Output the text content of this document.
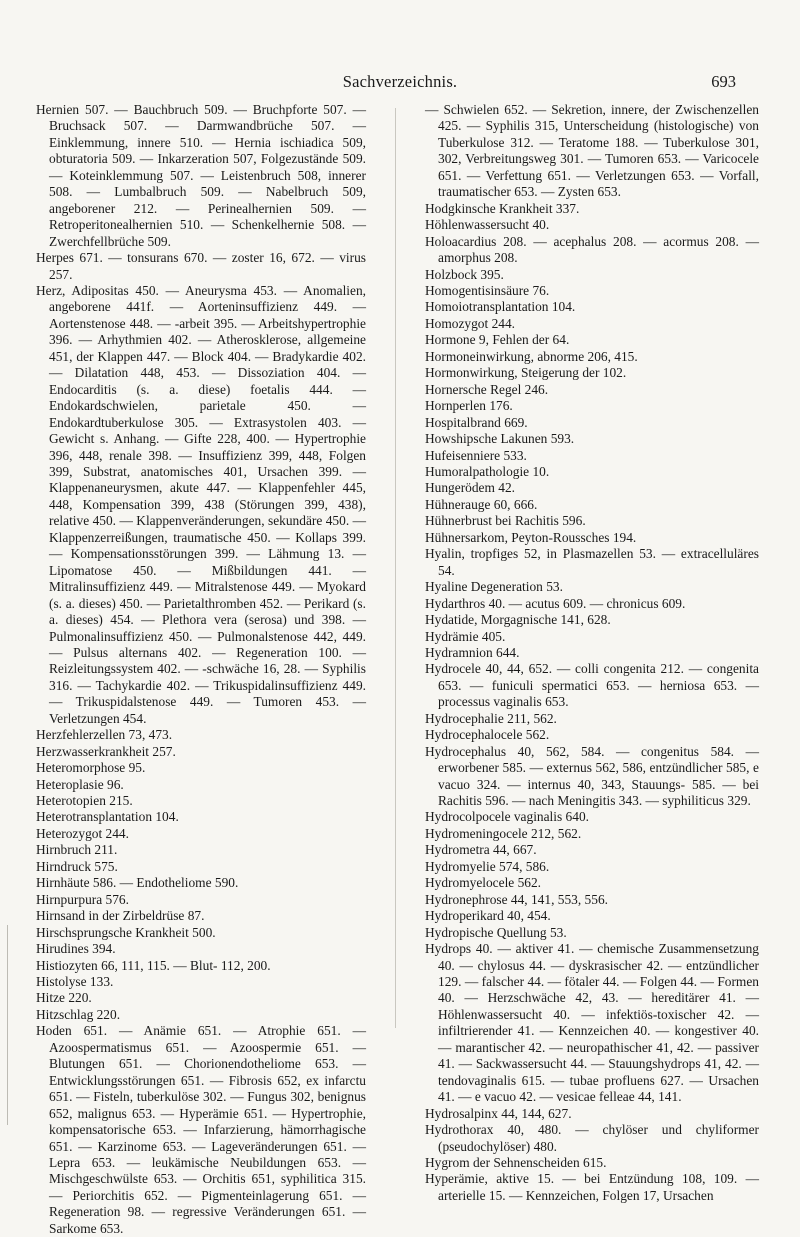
Sachverzeichnis.	693

Hernien 507. — Bauchbruch 509. — Bruchpforte 507. — Bruchsack 507. — Darmwandbrüche 507. — Einklemmung, innere 510. — Hernia ischiadica 509, obturatoria 509. — Inkarzeration 507, Folgezustände 509. — Koteinklemmung 507. — Leistenbruch 508, innerer 508. — Lumbalbruch 509. — Nabelbruch 509, angeborener 212. — Perinealhernien 509. — Retroperitonealhernien 510. — Schenkelhernie 508. — Zwerchfellbrüche 509.

Herpes 671. — tonsurans 670. — zoster 16, 672. — virus 257.

Herz, Adipositas 450. — Aneurysma 453. — Anomalien, angeborene 441f. — Aorteninsuffizienz 449. — Aortenstenose 448. — -arbeit 395. — Arbeitshypertrophie 396. — Arhythmien 402. — Atherosklerose, allgemeine 451, der Klappen 447. — Block 404. — Bradykardie 402. — Dilatation 448, 453. — Dissoziation 404. — Endocarditis (s. a. diese) foetalis 444. — Endokardschwielen, parietale 450. — Endokardtuberkulose 305. — Extrasystolen 403. — Gewicht s. Anhang. — Gifte 228, 400. — Hypertrophie 396, 448, renale 398. — Insuffizienz 399, 448, Folgen 399, Substrat, anatomisches 401, Ursachen 399. — Klappenaneurysmen, akute 447. — Klappenfehler 445, 448, Kompensation 399, 438 (Störungen 399, 438), relative 450. — Klappenveränderungen, sekundäre 450. — Klappenzerreißungen, traumatische 450. — Kollaps 399. — Kompensationsstörungen 399. — Lähmung 13. — Lipomatose 450. — Mißbildungen 441. — Mitralinsuffizienz 449. — Mitralstenose 449. — Myokard (s. a. dieses) 450. — Parietalthromben 452. — Perikard (s. a. dieses) 454. — Plethora vera (serosa) und 398. — Pulmonalinsuffizienz 450. — Pulmonalstenose 442, 449. — Pulsus alternans 402. — Regeneration 100. — Reizleitungssystem 402. — -schwäche 16, 28. — Syphilis 316. — Tachykardie 402. — Trikuspidalinsuffizienz 449. — Trikuspidalstenose 449. — Tumoren 453. — Verletzungen 454.

Herzfehlerzellen 73, 473.

Herzwasserkrankheit 257.

Heteromorphose 95.

Heteroplasie 96.

Heterotopien 215.

Heterotransplantation 104.

Heterozygot 244.

Hirnbruch 211.

Hirndruck 575.

Hirnhäute 586. — Endotheliome 590.

Hirnpurpura 576.

Hirnsand in der Zirbeldrüse 87.

Hirschsprungsche Krankheit 500.

Hirudines 394.

Histiozyten 66, 111, 115. — Blut- 112, 200.

Histolyse 133.

Hitze 220.

Hitzschlag 220.

Hoden 651. — Anämie 651. — Atrophie 651. — Azoospermatismus 651. — Azoospermie 651. — Blutungen 651. — Chorionendotheliome 653. — Entwicklungsstörungen 651. — Fibrosis 652, ex infarctu 651. — Fisteln, tuberkulöse 302. — Fungus 302, benignus 652, malignus 653. — Hyperämie 651. — Hypertrophie, kompensatorische 653. — Infarzierung, hämorrhagische 651. — Karzinome 653. — Lageveränderungen 651. — Lepra 653. — leukämische Neubildungen 653. — Mischgeschwülste 653. — Orchitis 651, syphilitica 315. — Periorchitis 652. — Pigmenteinlagerung 651. — Regeneration 98. — regressive Veränderungen 651. — Sarkome 653.

— Schwielen 652. — Sekretion, innere, der Zwischenzellen 425. — Syphilis 315, Unterscheidung (histologische) von Tuberkulose 312. — Teratome 188. — Tuberkulose 301, 302, Verbreitungsweg 301. — Tumoren 653. — Varicocele 651. — Verfettung 651. — Verletzungen 653. — Vorfall, traumatischer 653. — Zysten 653.

Hodgkinsche Krankheit 337.

Höhlenwassersucht 40.

Holoacardius 208. — acephalus 208. — acormus 208. — amorphus 208.

Holzbock 395.

Homogentisinsäure 76.

Homoiotransplantation 104.

Homozygot 244.

Hormone 9, Fehlen der 64.

Hormoneinwirkung, abnorme 206, 415.

Hormonwirkung, Steigerung der 102.

Hornersche Regel 246.

Hornperlen 176.

Hospitalbrand 669.

Howshipsche Lakunen 593.

Hufeisenniere 533.

Humoralpathologie 10.

Hungerödem 42.

Hühnerauge 60, 666.

Hühnerbrust bei Rachitis 596.

Hühnersarkom, Peyton-Roussches 194.

Hyalin, tropfiges 52, in Plasmazellen 53. — extracelluläres 54.

Hyaline Degeneration 53.

Hydarthros 40. — acutus 609. — chronicus 609.

Hydatide, Morgagnische 141, 628.

Hydrämie 405.

Hydramnion 644.

Hydrocele 40, 44, 652. — colli congenita 212. — congenita 653. — funiculi spermatici 653. — herniosa 653. — processus vaginalis 653.

Hydrocephalie 211, 562.

Hydrocephalocele 562.

Hydrocephalus 40, 562, 584. — congenitus 584. — erworbener 585. — externus 562, 586, entzündlicher 585, e vacuo 324. — internus 40, 343, Stauungs- 585. — bei Rachitis 596. — nach Meningitis 343. — syphiliticus 329.

Hydrocolpocele vaginalis 640.

Hydromeningocele 212, 562.

Hydrometra 44, 667.

Hydromyelie 574, 586.

Hydromyelocele 562.

Hydronephrose 44, 141, 553, 556.

Hydroperikard 40, 454.

Hydropische Quellung 53.

Hydrops 40. — aktiver 41. — chemische Zusammensetzung 40. — chylosus 44. — dyskrasischer 42. — entzündlicher 129. — falscher 44. — fötaler 44. — Folgen 44. — Formen 40. — Herzschwäche 42, 43. — hereditärer 41. — Höhlenwassersucht 40. — infektiös-toxischer 42. — infiltrierender 41. — Kennzeichen 40. — kongestiver 40. — marantischer 42. — neuropathischer 41, 42. — passiver 41. — Sackwassersucht 44. — Stauungshydrops 41, 42. — tendovaginalis 615. — tubae profluens 627. — Ursachen 41. — e vacuo 42. — vesicae felleae 44, 141.

Hydrosalpinx 44, 144, 627.

Hydrothorax 40, 480. — chylöser und chyliformer (pseudochylöser) 480.

Hygrom der Sehnenscheiden 615.

Hyperämie, aktive 15. — bei Entzündung 108, 109. — arterielle 15. — Kennzeichen, Folgen 17, Ursachen
